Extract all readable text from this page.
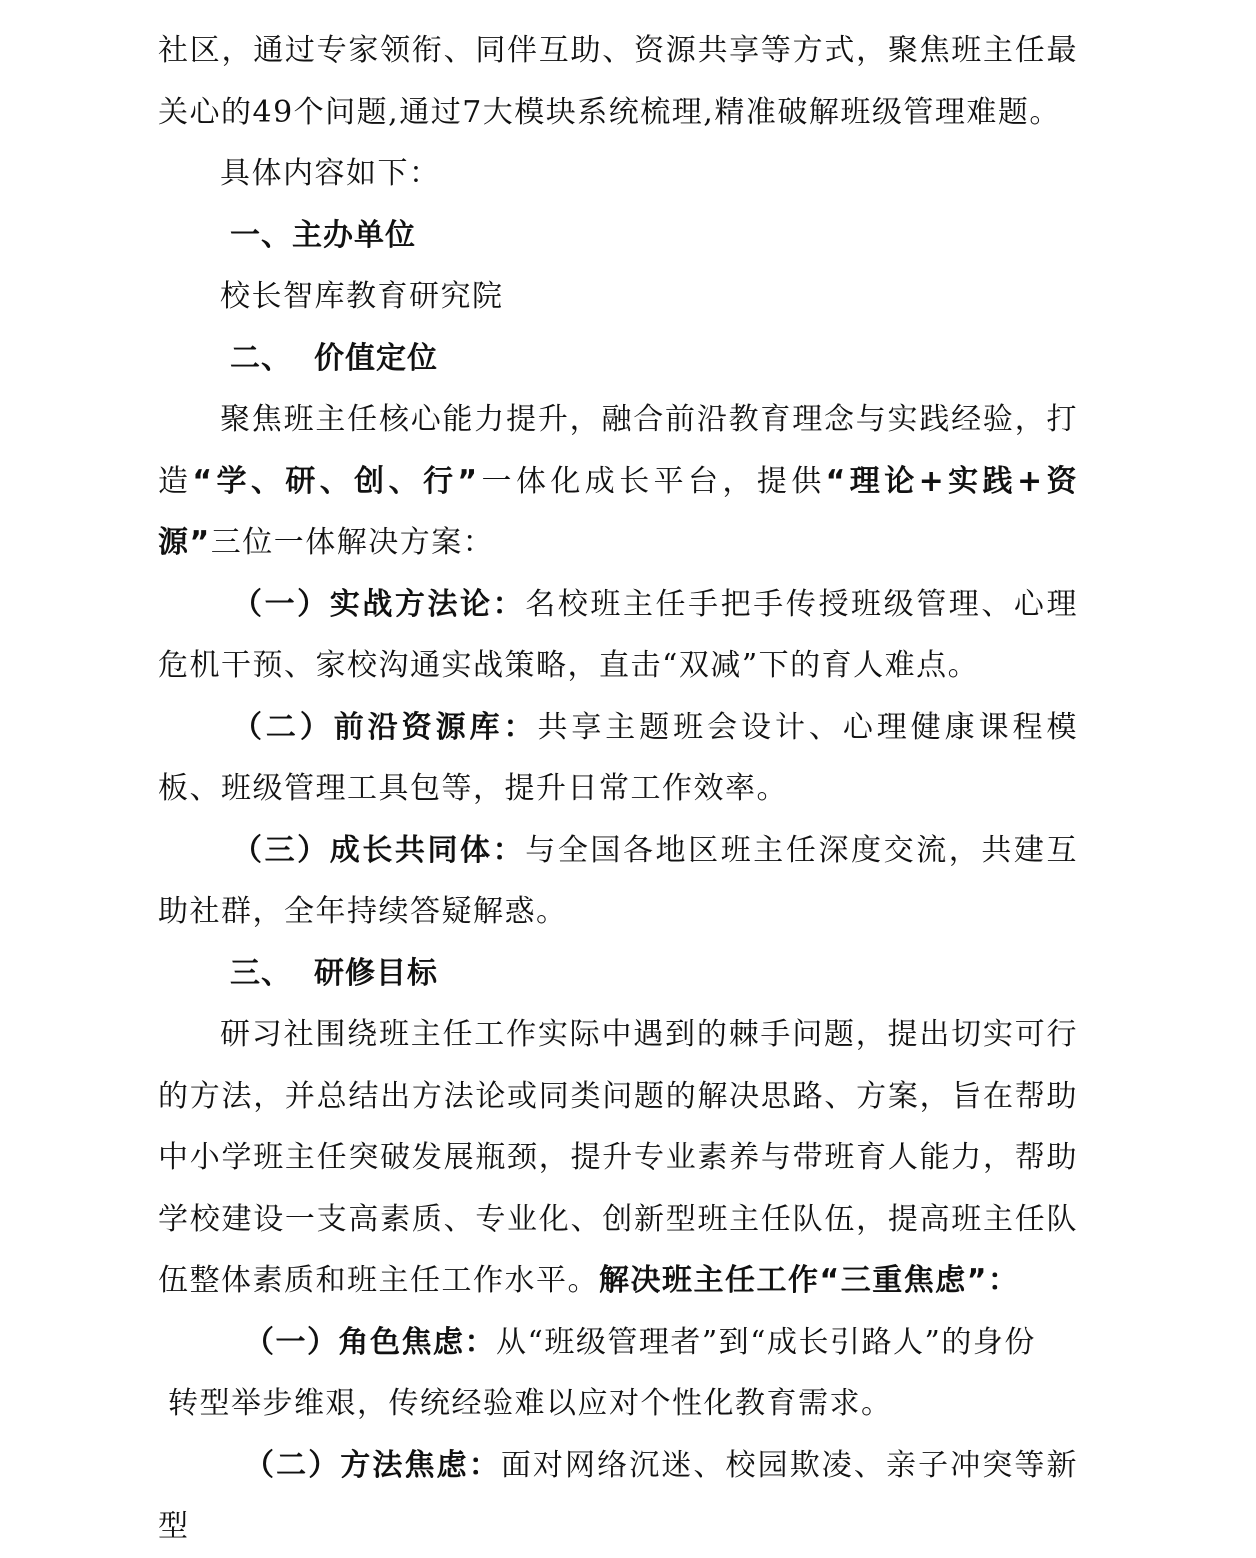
社区，通过专家领衔、同伴互助、资源共享等方式，聚焦班主任最关心的49个问题,通过7大模块系统梳理,精准破解班级管理难题。

具体内容如下：

一、主办单位

校长智库教育研究院

二、 价值定位

聚焦班主任核心能力提升，融合前沿教育理念与实践经验，打造“学、研、创、行”一体化成长平台，提供“理论+实践+资源”三位一体解决方案：

（一）实战方法论：名校班主任手把手传授班级管理、心理危机干预、家校沟通实战策略，直击“双减”下的育人难点。

（二）前沿资源库：共享主题班会设计、心理健康课程模板、班级管理工具包等，提升日常工作效率。

（三）成长共同体：与全国各地区班主任深度交流，共建互助社群，全年持续答疑解惑。

三、 研修目标

研习社围绕班主任工作实际中遇到的棘手问题，提出切实可行的方法，并总结出方法论或同类问题的解决思路、方案，旨在帮助中小学班主任突破发展瓶颈，提升专业素养与带班育人能力，帮助学校建设一支高素质、专业化、创新型班主任队伍，提高班主任队伍整体素质和班主任工作水平。解决班主任工作“三重焦虑”：

（一）角色焦虑：从“班级管理者”到“成长引路人”的身份

转型举步维艰，传统经验难以应对个性化教育需求。

（二）方法焦虑：面对网络沉迷、校园欺凌、亲子冲突等新型
